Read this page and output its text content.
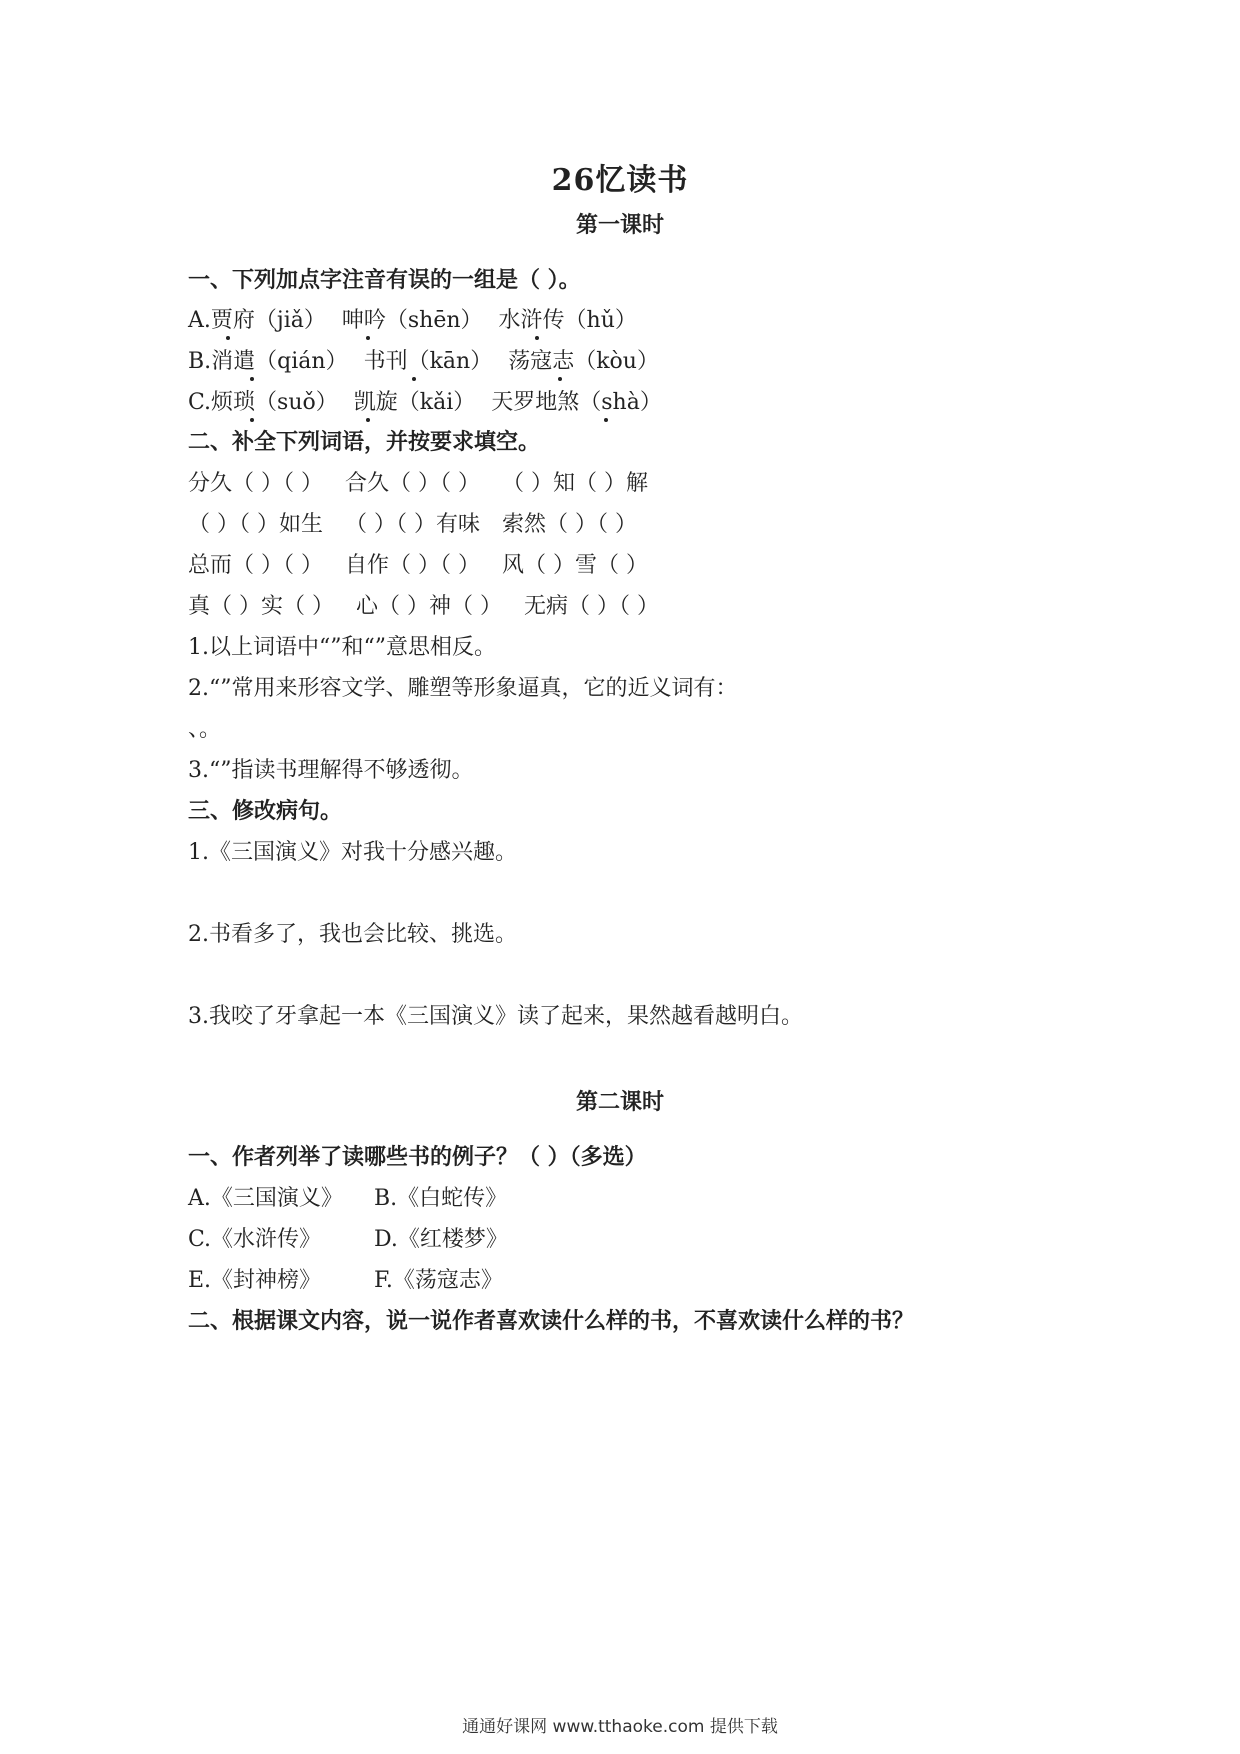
26忆读书
第一课时
一、下列加点字注音有误的一组是（ ）。
A.贾府（jiǎ） 呻吟（shēn） 水浒传（hǔ）
B.消遣（qián） 书刊（kān） 荡寇志（kòu）
C.烦琐（suǒ） 凯旋（kǎi） 天罗地煞（shà）
二、补全下列词语，并按要求填空。
分久（ ）（ ） 合久（ ）（ ） （ ）知（ ）解
（ ）（ ）如生 （ ）（ ）有味 索然（ ）（ ）
总而（ ）（ ） 自作（ ）（ ） 风（ ）雪（ ）
真（ ）实（ ） 心（ ）神（ ） 无病（ ）（ ）
1.以上词语中“”和“”意思相反。
2.“”常用来形容文学、雕塑等形象逼真，它的近义词有：
、。
3.“”指读书理解得不够透彻。
三、修改病句。
1.《三国演义》对我十分感兴趣。
2.书看多了，我也会比较、挑选。
3.我咬了牙拿起一本《三国演义》读了起来，果然越看越明白。
第二课时
一、作者列举了读哪些书的例子？（ ）（多选）
A.《三国演义》 B.《白蛇传》
C.《水浒传》 D.《红楼梦》
E.《封神榜》 F.《荡寇志》
二、根据课文内容，说一说作者喜欢读什么样的书，不喜欢读什么样的书？
通通好课网 www.tthaoke.com 提供下载
